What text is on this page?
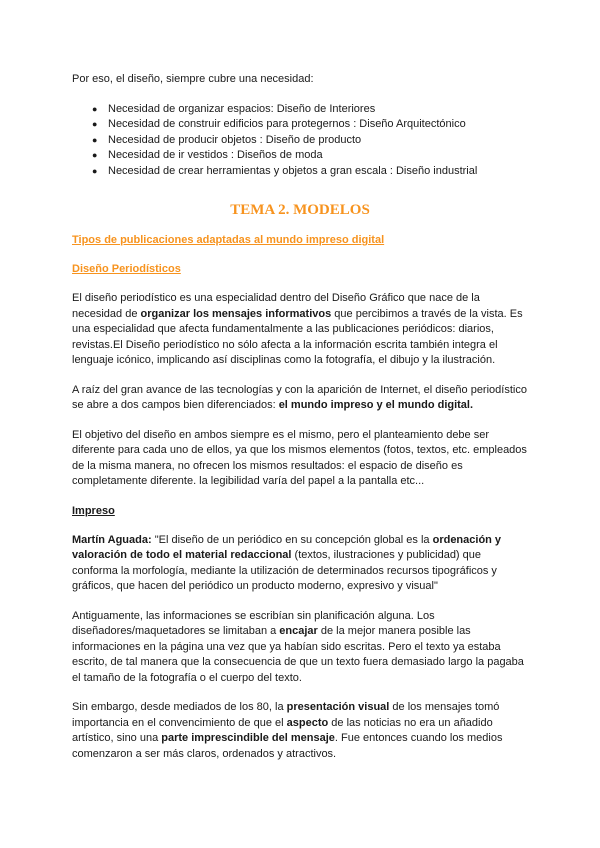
Por eso, el diseño, siempre cubre una necesidad:

● Necesidad de organizar espacios: Diseño de Interiores
● Necesidad de construir edificios para protegernos : Diseño Arquitectónico
● Necesidad de producir objetos : Diseño de producto
● Necesidad de ir vestidos : Diseños de moda
● Necesidad de crear herramientas y objetos a gran escala : Diseño industrial
TEMA 2. MODELOS
Tipos de publicaciones adaptadas al mundo impreso digital
Diseño Periodísticos

El diseño periodístico es una especialidad dentro del Diseño Gráfico que nace de la necesidad de organizar los mensajes informativos que percibimos a través de la vista. Es una especialidad que afecta fundamentalmente a las publicaciones periódicos: diarios, revistas.El Diseño periodístico no sólo afecta a la información escrita también integra el lenguaje icónico, implicando así disciplinas como la fotografía, el dibujo y la ilustración.

A raíz del gran avance de las tecnologías y con la aparición de Internet, el diseño periodístico se abre a dos campos bien diferenciados: el mundo impreso y el mundo digital.

El objetivo del diseño en ambos siempre es el mismo, pero el planteamiento debe ser diferente para cada uno de ellos, ya que los mismos elementos (fotos, textos, etc. empleados de la misma manera, no ofrecen los mismos resultados: el espacio de diseño es completamente diferente. la legibilidad varía del papel a la pantalla etc...

Impreso

Martín Aguada: "El diseño de un periódico en su concepción global es la ordenación y valoración de todo el material redaccional (textos, ilustraciones y publicidad) que conforma la morfología, mediante la utilización de determinados recursos tipográficos y gráficos, que hacen del periódico un producto moderno, expresivo y visual"

Antiguamente, las informaciones se escribían sin planificación alguna. Los diseñadores/maquetadores se limitaban a encajar de la mejor manera posible las informaciones en la página una vez que ya habían sido escritas. Pero el texto ya estaba escrito, de tal manera que la consecuencia de que un texto fuera demasiado largo la pagaba el tamaño de la fotografía o el cuerpo del texto.

Sin embargo, desde mediados de los 80, la presentación visual de los mensajes tomó importancia en el convencimiento de que el aspecto de las noticias no era un añadido artístico, sino una parte imprescindible del mensaje. Fue entonces cuando los medios comenzaron a ser más claros, ordenados y atractivos.
